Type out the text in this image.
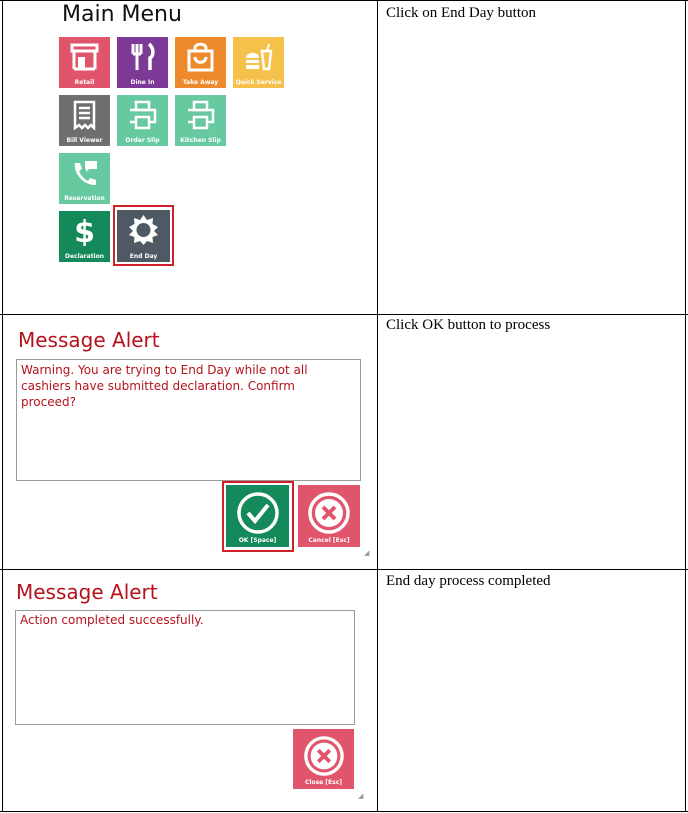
Main Menu
Retail	Dine In	Take Away	Quick Service
Bill Viewer	Order Slip	Kitchen Slip
Reservation
$
Declaration	End Day
Click on End Day button
Message Alert
Warning. You are trying to End Day while not all
cashiers have submitted declaration. Confirm
proceed?
OK [Space]	Cancel [Esc]
◢
Click OK button to process
Message Alert
Action completed successfully.
Close [Esc]
◢
End day process completed
